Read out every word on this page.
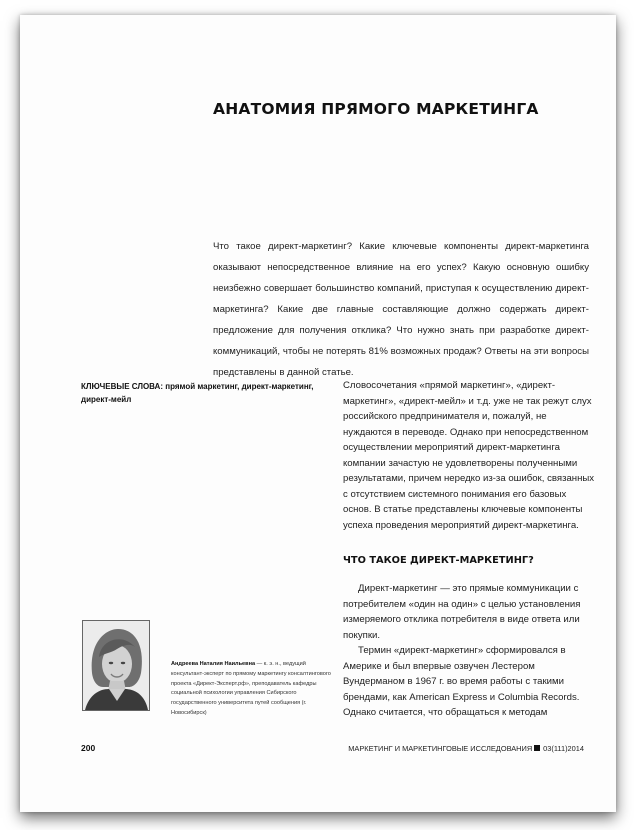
АНАТОМИЯ ПРЯМОГО МАРКЕТИНГА

Что такое директ-маркетинг? Какие ключевые компоненты директ-маркетинга оказывают непосредственное влияние на его успех? Какую основную ошибку неизбежно совершает большинство компаний, приступая к осуществлению директ-маркетинга? Какие две главные составляющие должно содержать директ-предложение для получения отклика? Что нужно знать при разработке директ-коммуникаций, чтобы не потерять 81% возможных продаж? Ответы на эти вопросы представлены в данной статье.

КЛЮЧЕВЫЕ СЛОВА: прямой маркетинг, директ-маркетинг, директ-мейл

Словосочетания «прямой маркетинг», «директ-маркетинг», «директ-мейл» и т.д. уже не так режут слух российского предпринимателя и, пожалуй, не нуждаются в переводе. Однако при непосредственном осуществлении мероприятий директ-маркетинга компании зачастую не удовлетворены полученными результатами, причем нередко из-за ошибок, связанных с отсутствием системного понимания его базовых основ. В статье представлены ключевые компоненты успеха проведения мероприятий директ-маркетинга.

ЧТО ТАКОЕ ДИРЕКТ-МАРКЕТИНГ?

Директ-маркетинг — это прямые коммуникации с потребителем «один на один» с целью установления измеряемого отклика потребителя в виде ответа или покупки.

Термин «директ-маркетинг» сформировался в Америке и был впервые озвучен Лестером Вундерманом в 1967 г. во время работы с такими брендами, как American Express и Columbia Records. Однако считается, что обращаться к методам

Андреева Наталия Наильевна — к. э. н., ведущий консультант-эксперт по прямому маркетингу консалтингового проекта «Директ-Эксперт.рф», преподаватель кафедры социальной психологии управления Сибирского государственного университета путей сообщения (г. Новосибирск)
200	МАРКЕТИНГ И МАРКЕТИНГОВЫЕ ИССЛЕДОВАНИЯ 03(111)2014
